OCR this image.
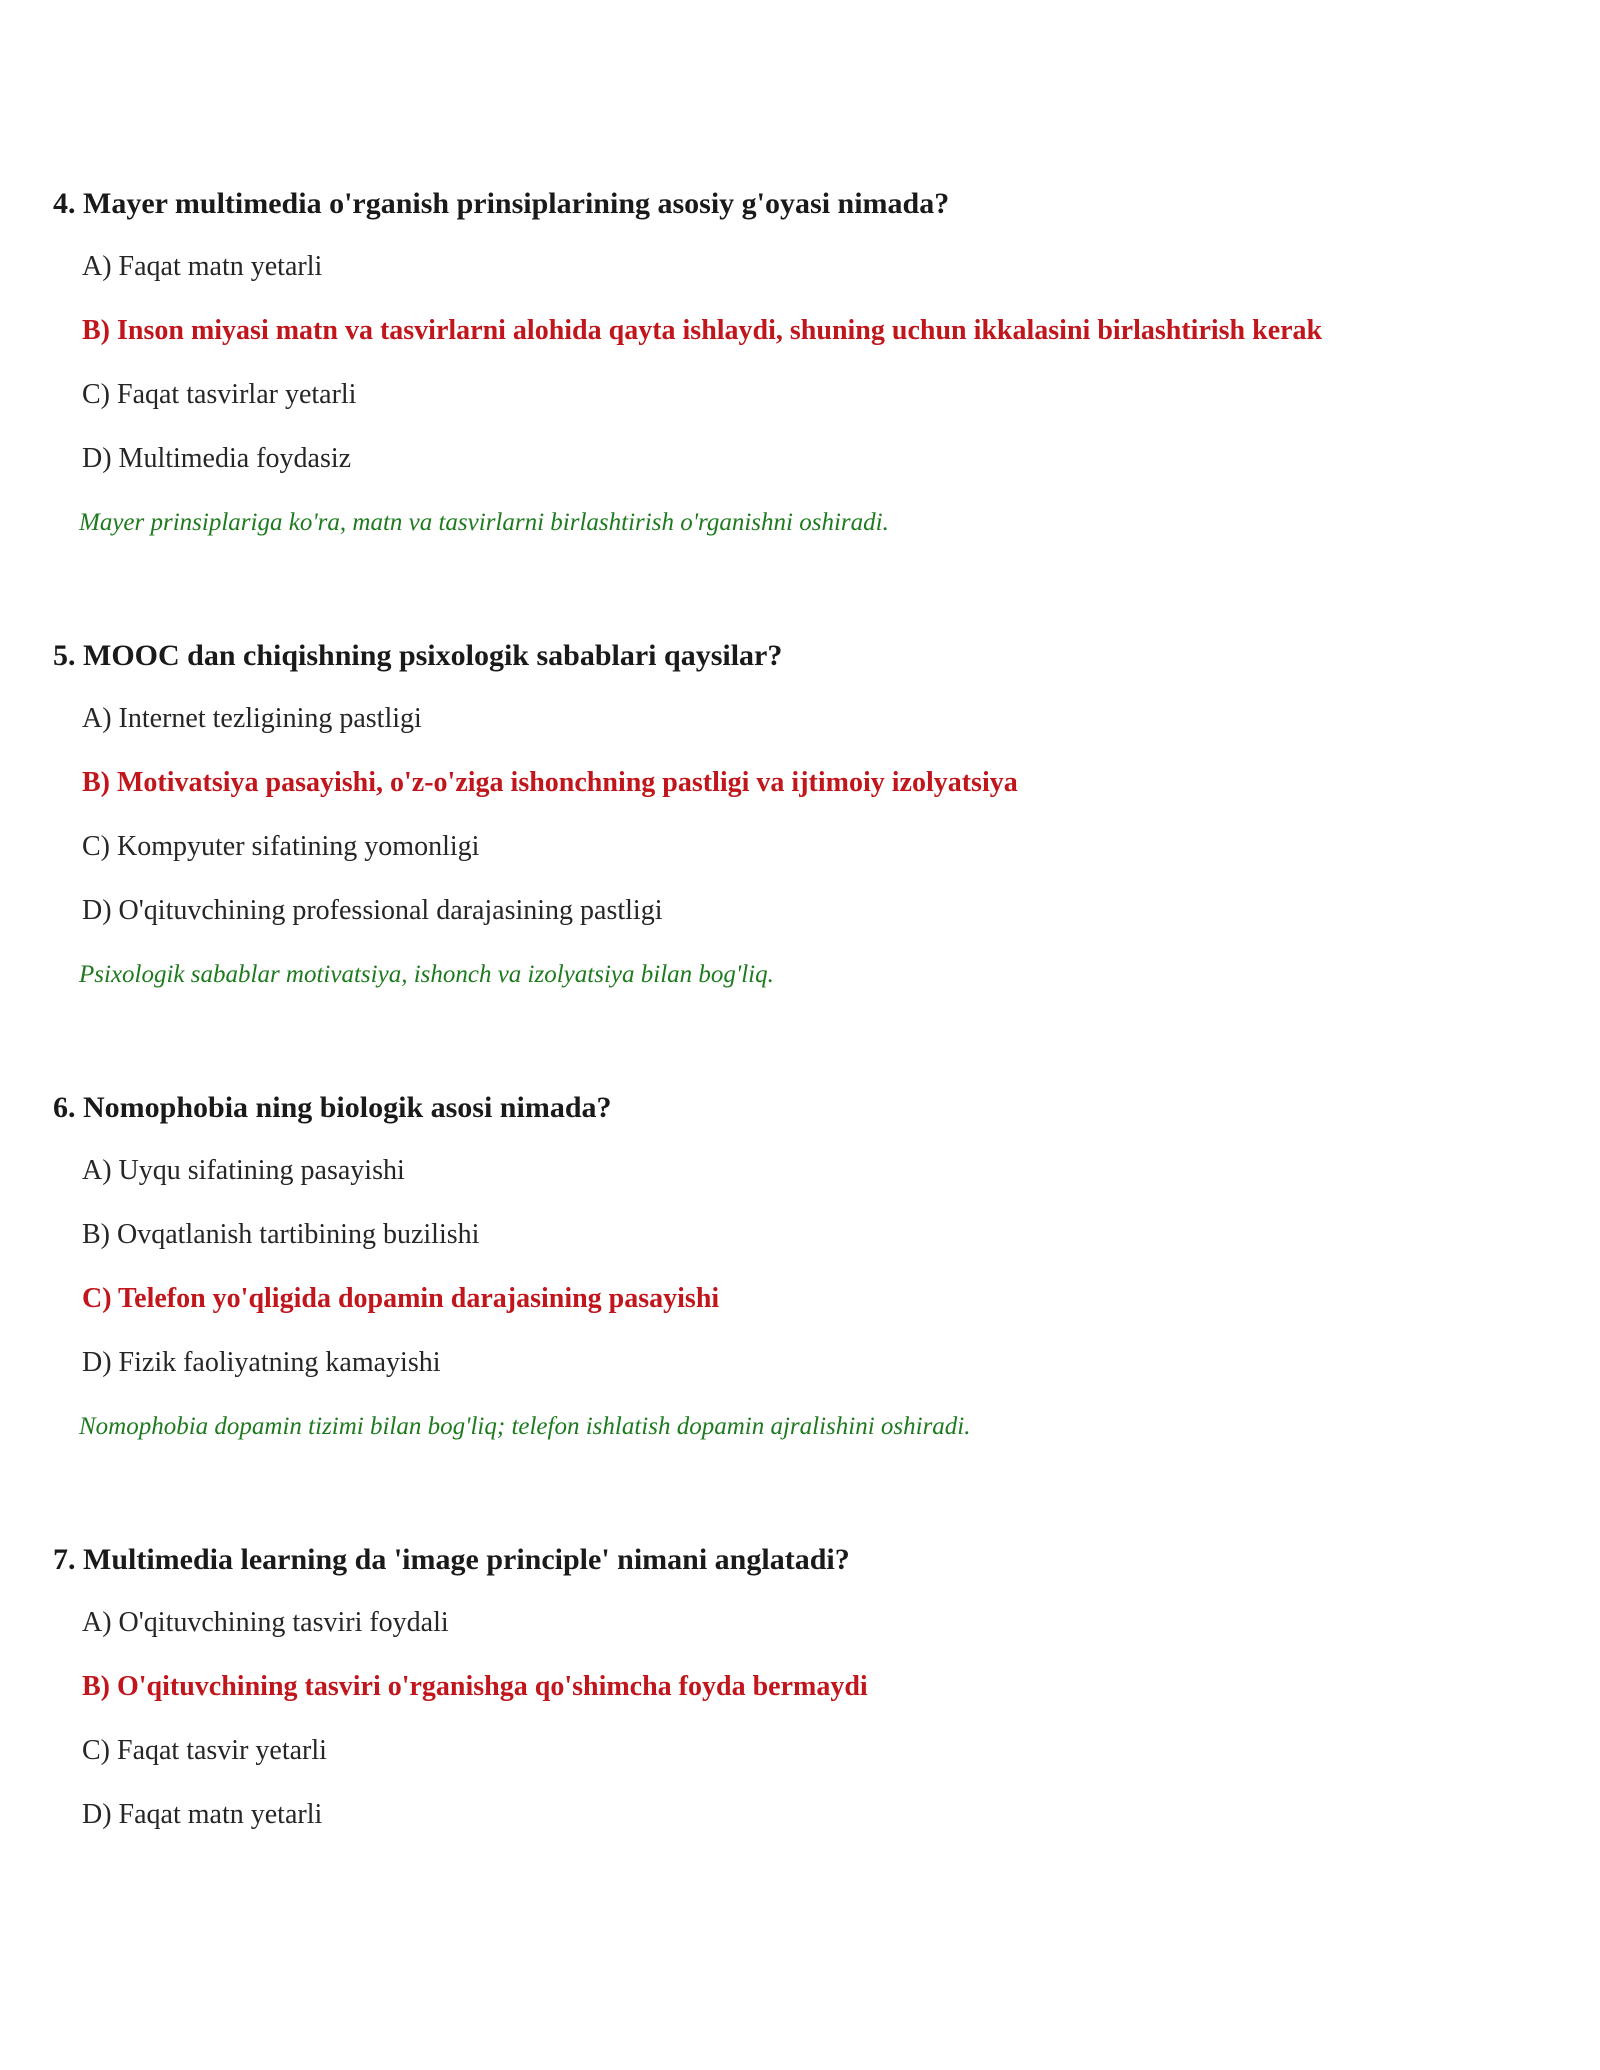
4. Mayer multimedia o'rganish prinsiplarining asosiy g'oyasi nimada?
A) Faqat matn yetarli
B) Inson miyasi matn va tasvirlarni alohida qayta ishlaydi, shuning uchun ikkalasini birlashtirish kerak
C) Faqat tasvirlar yetarli
D) Multimedia foydasiz

Mayer prinsiplariga ko'ra, matn va tasvirlarni birlashtirish o'rganishni oshiradi.

5. MOOC dan chiqishning psixologik sabablari qaysilar?
A) Internet tezligining pastligi
B) Motivatsiya pasayishi, o'z-o'ziga ishonchning pastligi va ijtimoiy izolyatsiya
C) Kompyuter sifatining yomonligi
D) O'qituvchining professional darajasining pastligi

Psixologik sabablar motivatsiya, ishonch va izolyatsiya bilan bog'liq.

6. Nomophobia ning biologik asosi nimada?
A) Uyqu sifatining pasayishi
B) Ovqatlanish tartibining buzilishi
C) Telefon yo'qligida dopamin darajasining pasayishi
D) Fizik faoliyatning kamayishi

Nomophobia dopamin tizimi bilan bog'liq; telefon ishlatish dopamin ajralishini oshiradi.

7. Multimedia learning da 'image principle' nimani anglatadi?
A) O'qituvchining tasviri foydali
B) O'qituvchining tasviri o'rganishga qo'shimcha foyda bermaydi
C) Faqat tasvir yetarli
D) Faqat matn yetarli
